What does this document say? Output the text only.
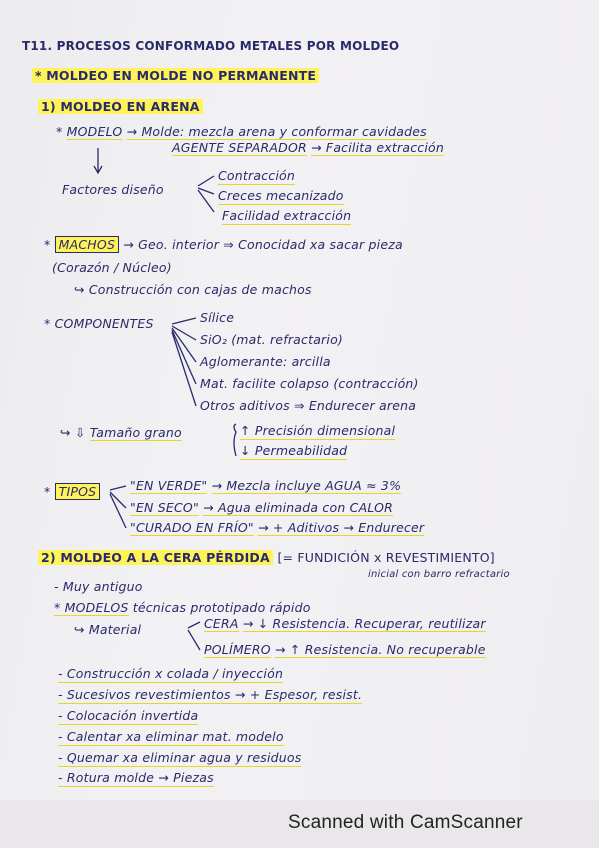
T11. PROCESOS CONFORMADO METALES POR MOLDEO
* MOLDEO EN MOLDE NO PERMANENTE
1) MOLDEO EN ARENA
* MODELO → Molde: mezcla arena y conformar cavidades
AGENTE SEPARADOR → Facilita extracción
Factores diseño
Contracción
Creces mecanizado
Facilidad extracción
* MACHOS → Geo. interior ⇒ Conocidad xa sacar pieza
(Corazón / Núcleo)
↪ Construcción con cajas de machos
* COMPONENTES	Sílice
SiO₂ (mat. refractario)
Aglomerante: arcilla
Mat. facilite colapso (contracción)
Otros aditivos ⇒ Endurecer arena
↪ ⇩ Tamaño grano	↑ Precisión dimensional
↓ Permeabilidad
* TIPOS	"EN VERDE" → Mezcla incluye AGUA ≈ 3%
"EN SECO" → Agua eliminada con CALOR
"CURADO EN FRÍO" → + Aditivos → Endurecer
2) MOLDEO A LA CERA PÉRDIDA [= FUNDICIÓN x REVESTIMIENTO]
inicial con barro refractario
- Muy antiguo
* MODELOS técnicas prototipado rápido
↪ Material	CERA → ↓ Resistencia. Recuperar, reutilizar
POLÍMERO → ↑ Resistencia. No recuperable
- Construcción x colada / inyección
- Sucesivos revestimientos → + Espesor, resist.
- Colocación invertida
- Calentar xa eliminar mat. modelo
- Quemar xa eliminar agua y residuos
- Rotura molde → Piezas
Scanned with CamScanner
